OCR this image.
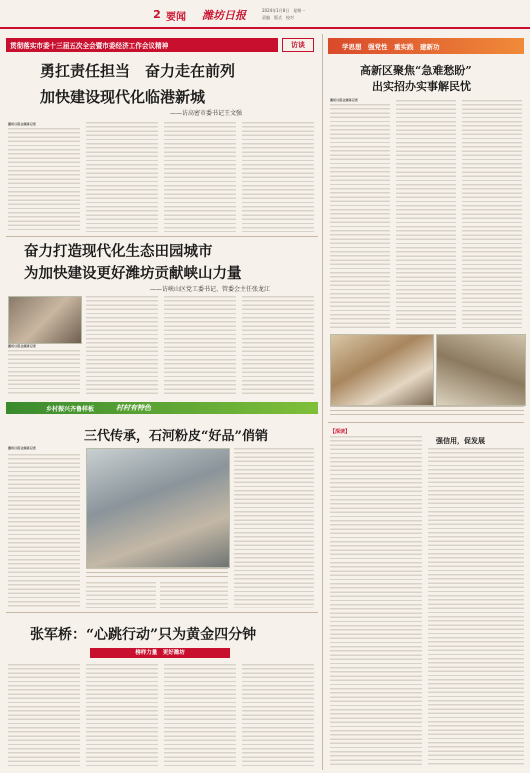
2 要闻 潍坊日报	2024年1月8日　星期一
责编　版式　校对
贯彻落实市委十三届五次全会暨市委经济工作会议精神	访谈
勇扛责任担当　奋力走在前列
加快建设现代化临港新城
——访高密市委书记王文强
潍坊日报全媒体记者
奋力打造现代化生态田园城市
为加快建设更好潍坊贡献峡山力量
——访峡山区党工委书记、管委会主任张龙江
潍坊日报全媒体记者
乡村振兴齐鲁样板	村村有特色
三代传承，石河粉皮“好品”俏销
潍坊日报全媒体记者
张军桥：“心跳行动”只为黄金四分钟
榜样力量　更好潍坊
学思想　强党性　重实践　建新功
高新区聚焦“急难愁盼”
出实招办实事解民忧
潍坊日报全媒体记者
【深读】
强信用，促发展
